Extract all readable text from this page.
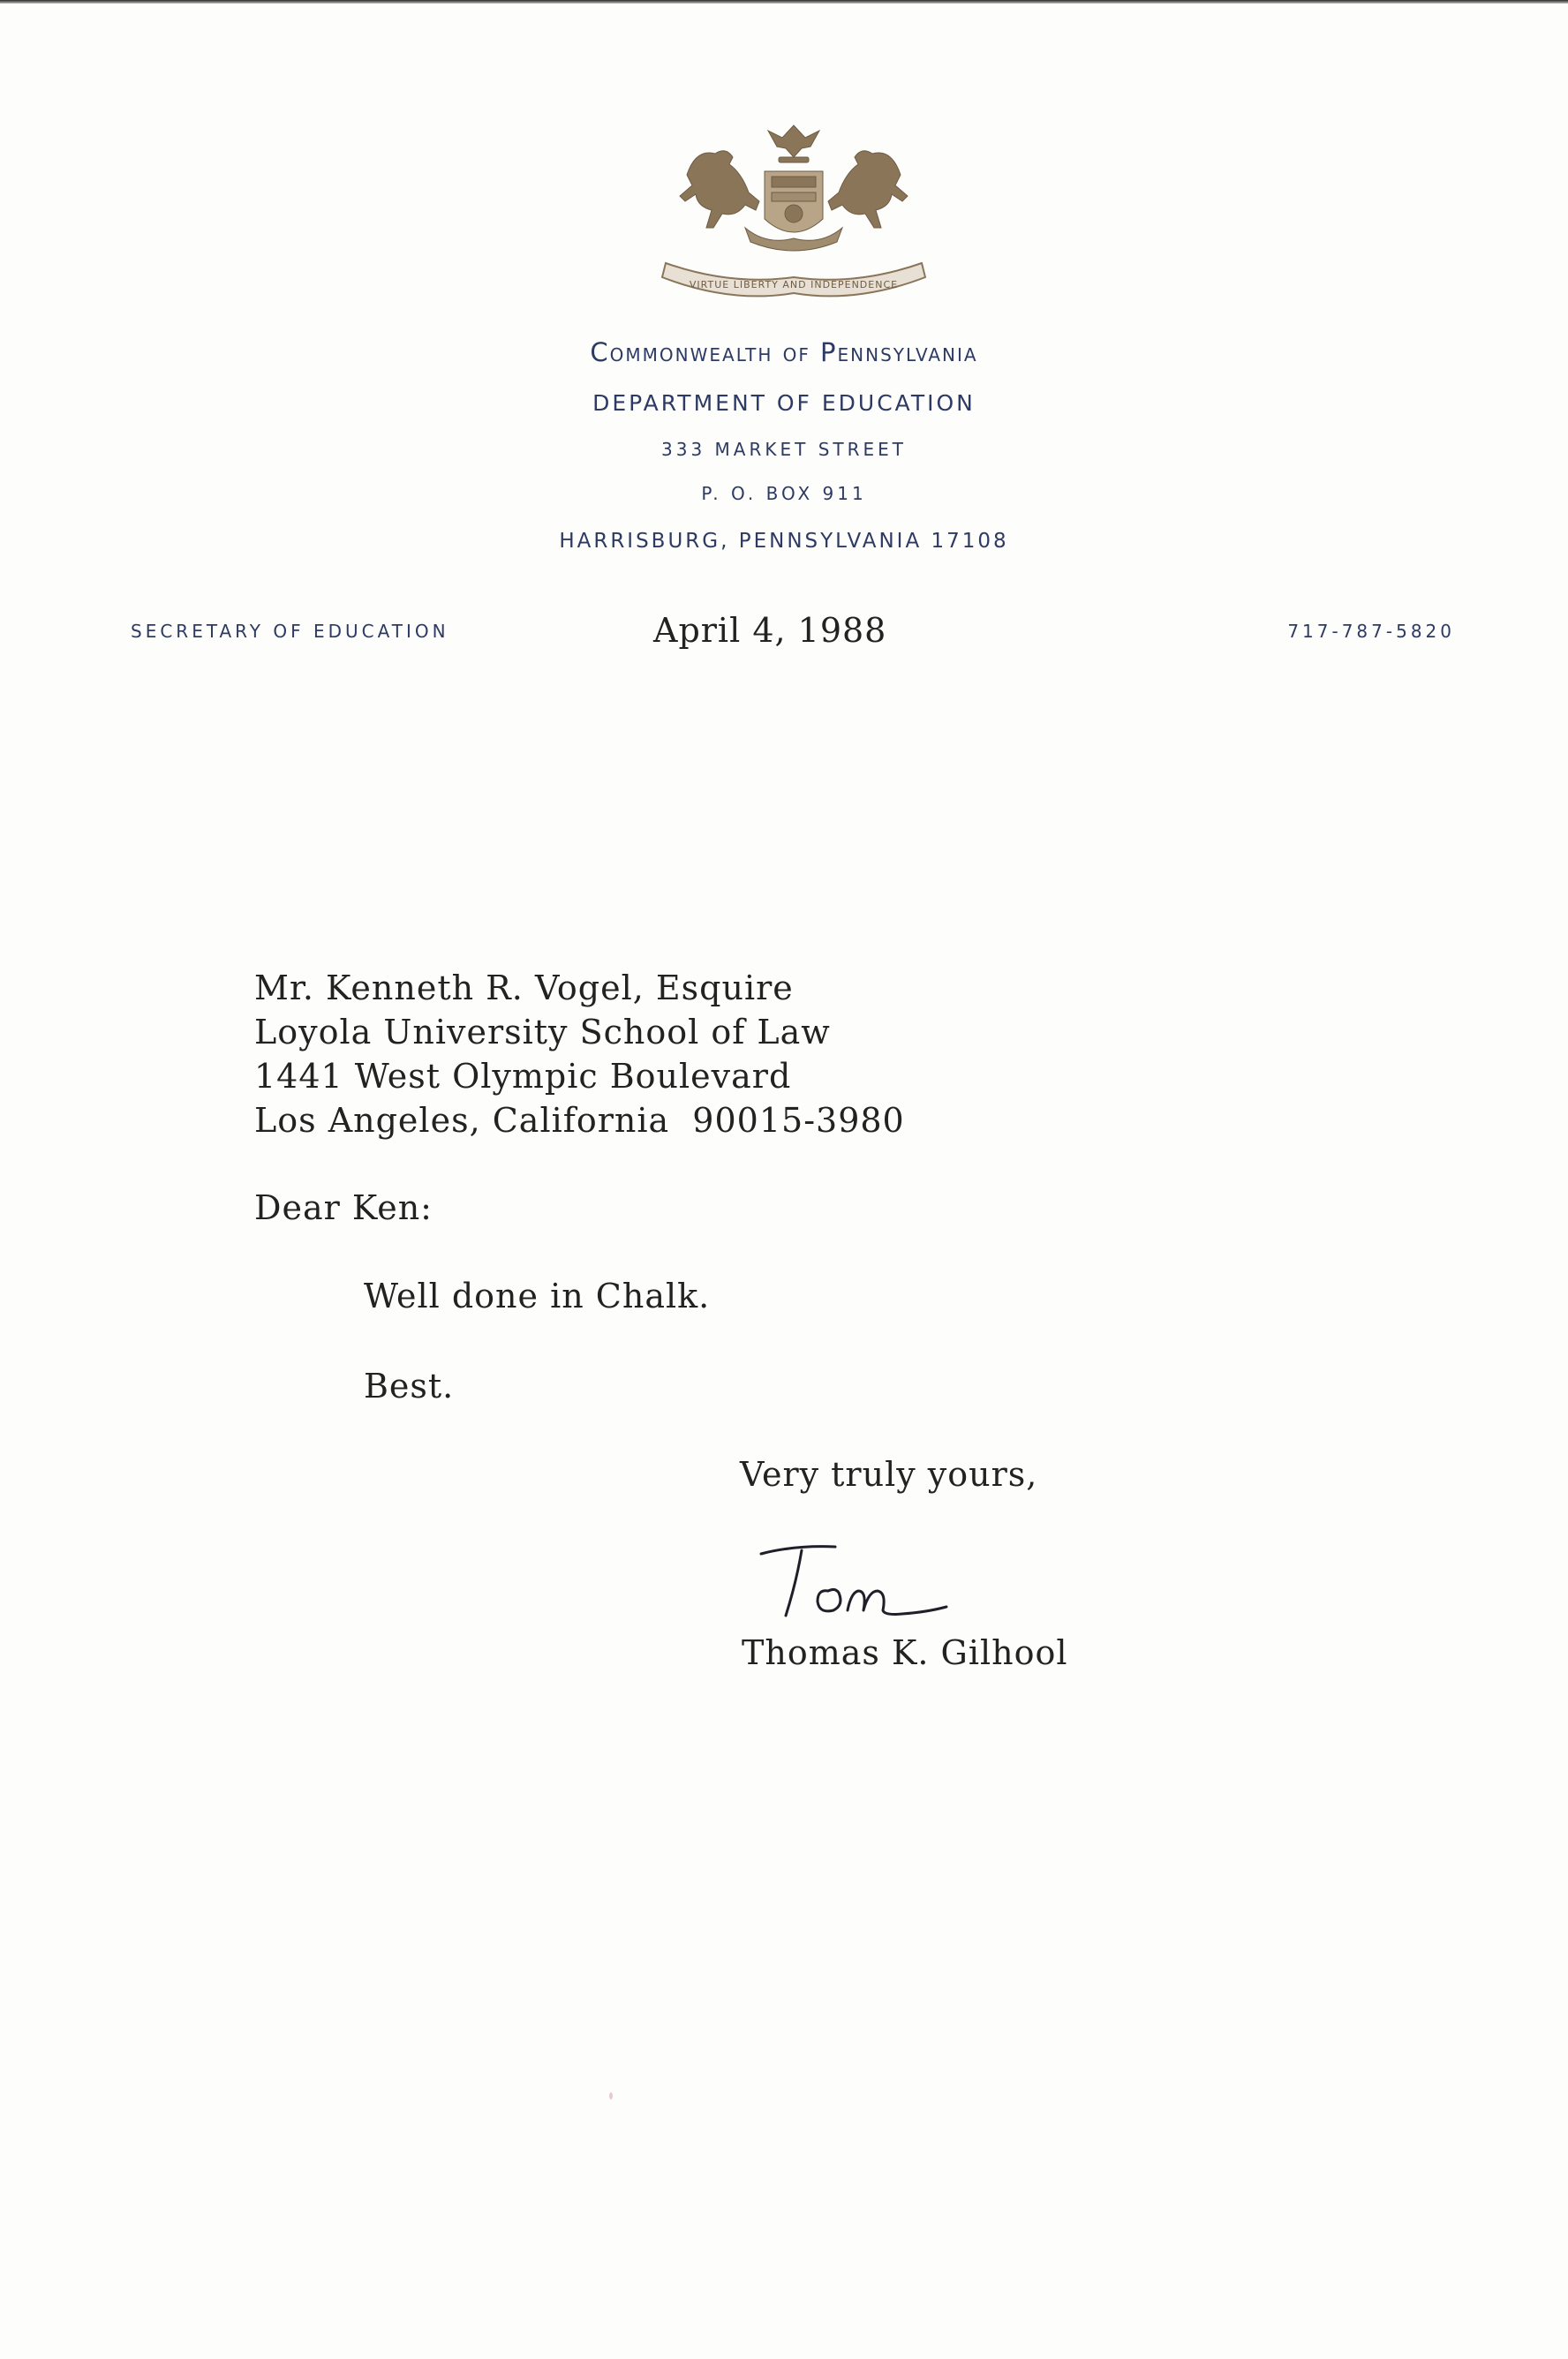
VIRTUE LIBERTY AND INDEPENDENCE
Commonwealth of Pennsylvania
DEPARTMENT OF EDUCATION
333 MARKET STREET
P. O. BOX 911
HARRISBURG, PENNSYLVANIA 17108
SECRETARY OF EDUCATION	717-787-5820
April 4, 1988
Mr. Kenneth R. Vogel, Esquire
Loyola University School of Law
1441 West Olympic Boulevard
Los Angeles, California  90015-3980
Dear Ken:
Well done in Chalk.
Best.
Very truly yours,
Thomas K. Gilhool
